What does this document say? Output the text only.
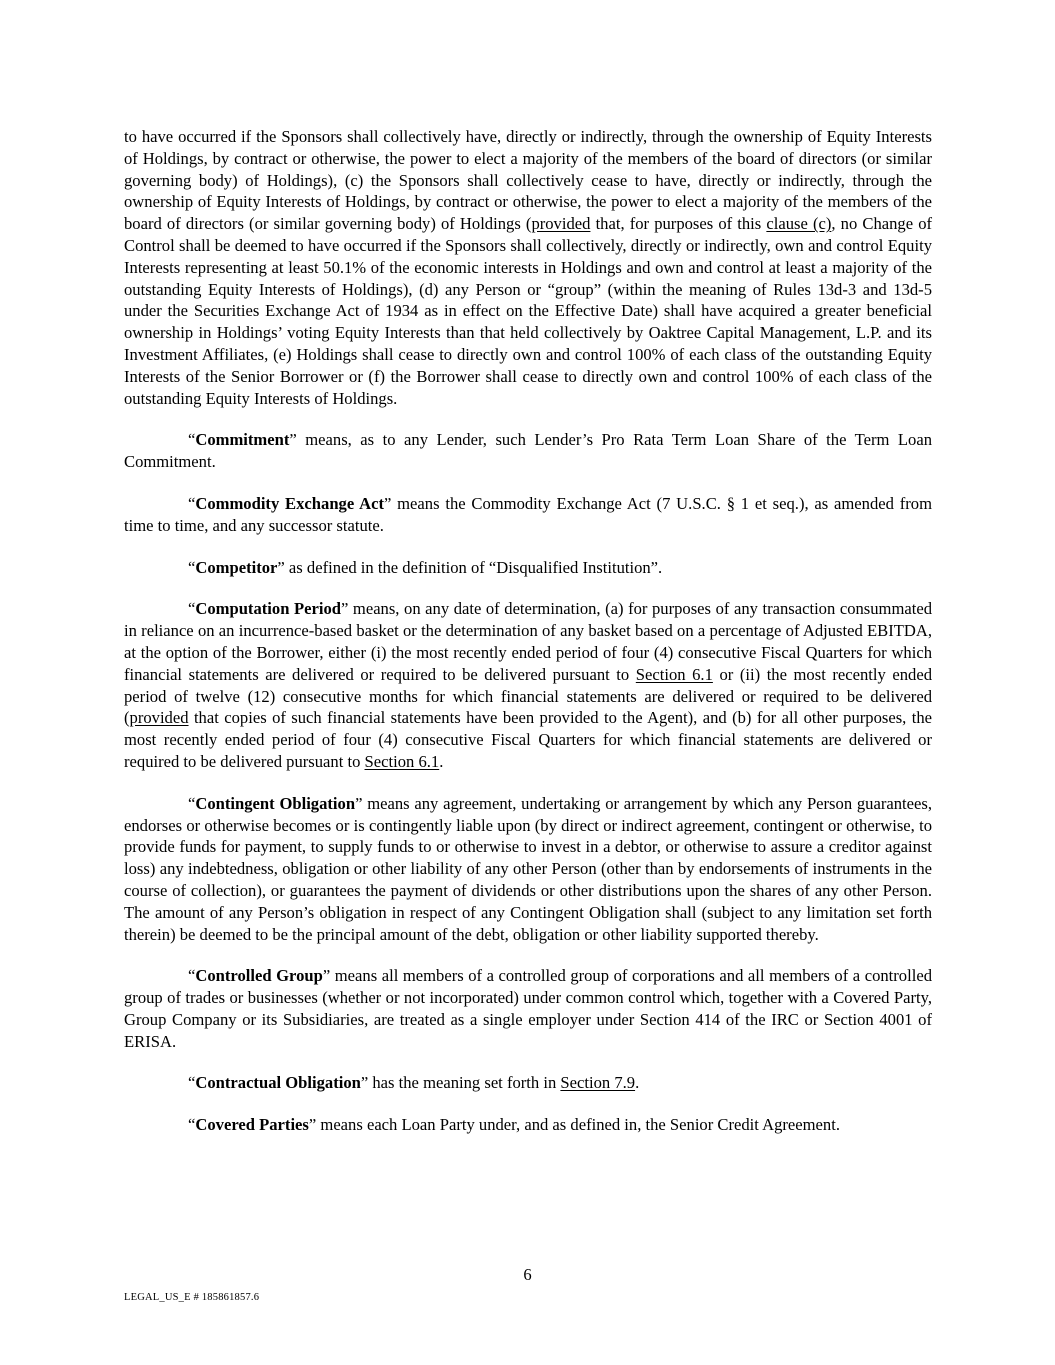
to have occurred if the Sponsors shall collectively have, directly or indirectly, through the ownership of Equity Interests of Holdings, by contract or otherwise, the power to elect a majority of the members of the board of directors (or similar governing body) of Holdings), (c) the Sponsors shall collectively cease to have, directly or indirectly, through the ownership of Equity Interests of Holdings, by contract or otherwise, the power to elect a majority of the members of the board of directors (or similar governing body) of Holdings (provided that, for purposes of this clause (c), no Change of Control shall be deemed to have occurred if the Sponsors shall collectively, directly or indirectly, own and control Equity Interests representing at least 50.1% of the economic interests in Holdings and own and control at least a majority of the outstanding Equity Interests of Holdings), (d) any Person or “group” (within the meaning of Rules 13d-3 and 13d-5 under the Securities Exchange Act of 1934 as in effect on the Effective Date) shall have acquired a greater beneficial ownership in Holdings’ voting Equity Interests than that held collectively by Oaktree Capital Management, L.P. and its Investment Affiliates, (e) Holdings shall cease to directly own and control 100% of each class of the outstanding Equity Interests of the Senior Borrower or (f) the Borrower shall cease to directly own and control 100% of each class of the outstanding Equity Interests of Holdings.

“Commitment” means, as to any Lender, such Lender’s Pro Rata Term Loan Share of the Term Loan Commitment.

“Commodity Exchange Act” means the Commodity Exchange Act (7 U.S.C. § 1 et seq.), as amended from time to time, and any successor statute.

“Competitor” as defined in the definition of “Disqualified Institution”.

“Computation Period” means, on any date of determination, (a) for purposes of any transaction consummated in reliance on an incurrence-based basket or the determination of any basket based on a percentage of Adjusted EBITDA, at the option of the Borrower, either (i) the most recently ended period of four (4) consecutive Fiscal Quarters for which financial statements are delivered or required to be delivered pursuant to Section 6.1 or (ii) the most recently ended period of twelve (12) consecutive months for which financial statements are delivered or required to be delivered (provided that copies of such financial statements have been provided to the Agent), and (b) for all other purposes, the most recently ended period of four (4) consecutive Fiscal Quarters for which financial statements are delivered or required to be delivered pursuant to Section 6.1.

“Contingent Obligation” means any agreement, undertaking or arrangement by which any Person guarantees, endorses or otherwise becomes or is contingently liable upon (by direct or indirect agreement, contingent or otherwise, to provide funds for payment, to supply funds to or otherwise to invest in a debtor, or otherwise to assure a creditor against loss) any indebtedness, obligation or other liability of any other Person (other than by endorsements of instruments in the course of collection), or guarantees the payment of dividends or other distributions upon the shares of any other Person. The amount of any Person’s obligation in respect of any Contingent Obligation shall (subject to any limitation set forth therein) be deemed to be the principal amount of the debt, obligation or other liability supported thereby.

“Controlled Group” means all members of a controlled group of corporations and all members of a controlled group of trades or businesses (whether or not incorporated) under common control which, together with a Covered Party, Group Company or its Subsidiaries, are treated as a single employer under Section 414 of the IRC or Section 4001 of ERISA.

“Contractual Obligation” has the meaning set forth in Section 7.9.

“Covered Parties” means each Loan Party under, and as defined in, the Senior Credit Agreement.

6
LEGAL_US_E # 185861857.6
